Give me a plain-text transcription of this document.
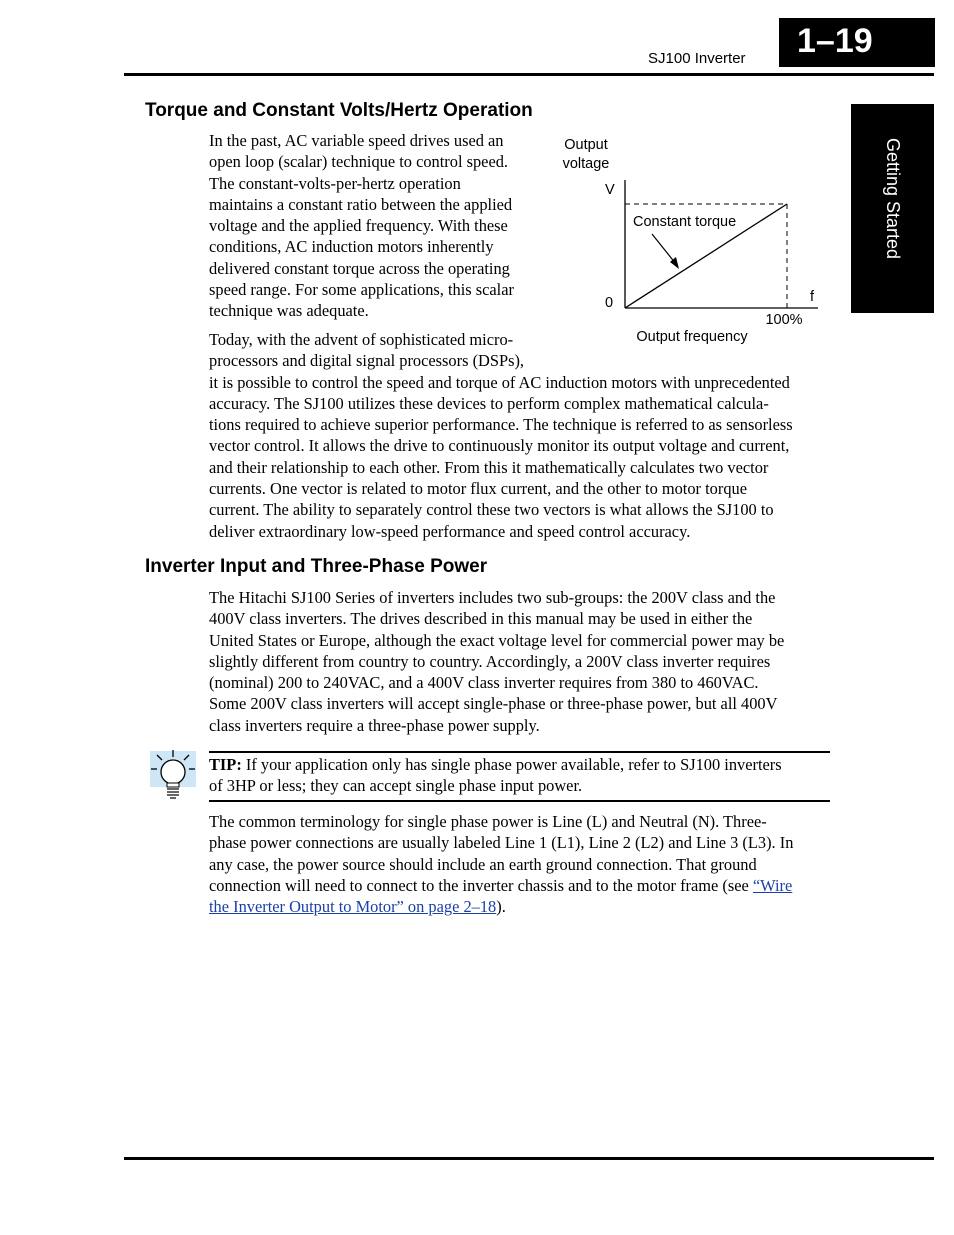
SJ100 Inverter	1–19
Getting Started
Torque and Constant Volts/Hertz Operation
In the past, AC variable speed drives used an
open loop (scalar) technique to control speed.
The constant-volts-per-hertz operation
maintains a constant ratio between the applied
voltage and the applied frequency. With these
conditions, AC induction motors inherently
delivered constant torque across the operating
speed range. For some applications, this scalar
technique was adequate.
Output
voltage
V
Constant torque
0	f
100%
Output frequency
Today, with the advent of sophisticated micro-
processors and digital signal processors (DSPs),
it is possible to control the speed and torque of AC induction motors with unprecedented
accuracy. The SJ100 utilizes these devices to perform complex mathematical calcula-
tions required to achieve superior performance. The technique is referred to as sensorless
vector control. It allows the drive to continuously monitor its output voltage and current,
and their relationship to each other. From this it mathematically calculates two vector
currents. One vector is related to motor flux current, and the other to motor torque
current. The ability to separately control these two vectors is what allows the SJ100 to
deliver extraordinary low-speed performance and speed control accuracy.
Inverter Input and Three-Phase Power
The Hitachi SJ100 Series of inverters includes two sub-groups: the 200V class and the
400V class inverters. The drives described in this manual may be used in either the
United States or Europe, although the exact voltage level for commercial power may be
slightly different from country to country. Accordingly, a 200V class inverter requires
(nominal) 200 to 240VAC, and a 400V class inverter requires from 380 to 460VAC.
Some 200V class inverters will accept single-phase or three-phase power, but all 400V
class inverters require a three-phase power supply.
TIP: If your application only has single phase power available, refer to SJ100 inverters
of 3HP or less; they can accept single phase input power.
The common terminology for single phase power is Line (L) and Neutral (N). Three-
phase power connections are usually labeled Line 1 (L1), Line 2 (L2) and Line 3 (L3). In
any case, the power source should include an earth ground connection. That ground
connection will need to connect to the inverter chassis and to the motor frame (see “Wire
the Inverter Output to Motor” on page 2–18).
